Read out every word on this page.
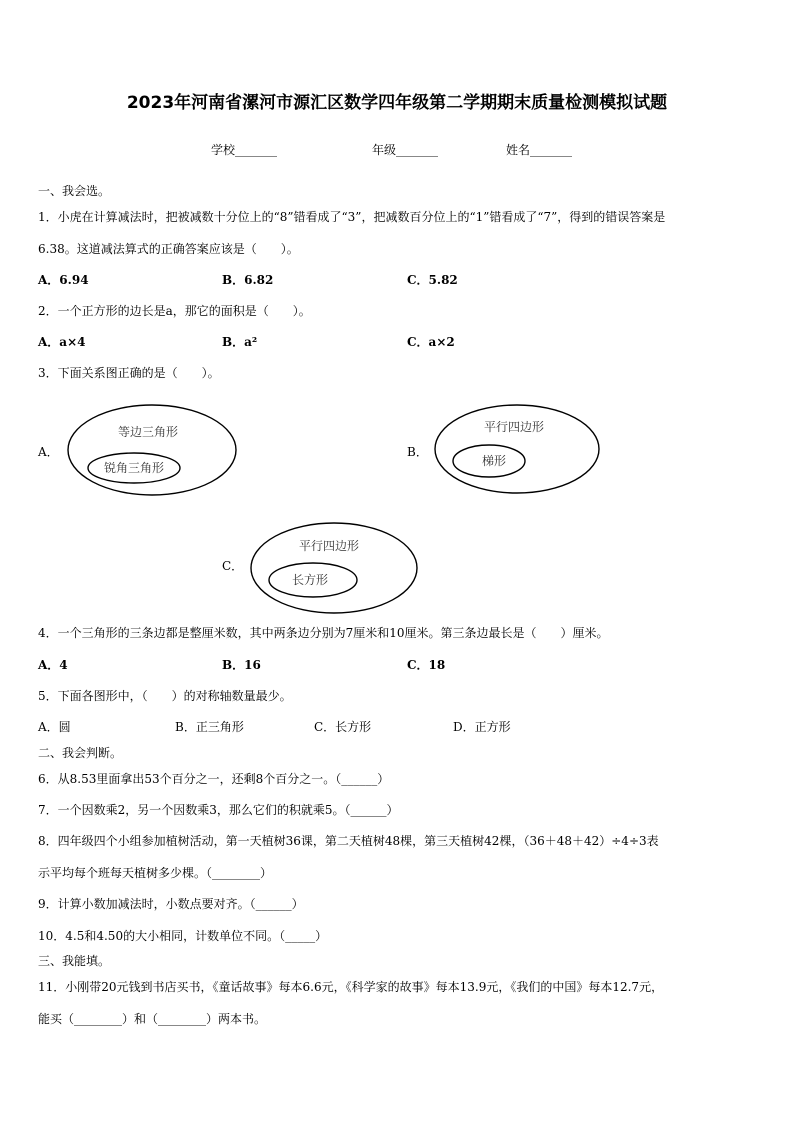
2023年河南省漯河市源汇区数学四年级第二学期期末质量检测模拟试题
学校_______	年级_______	姓名_______
一、我会选。
1．小虎在计算减法时，把被减数十分位上的“8”错看成了“3”，把减数百分位上的“1”错看成了“7”，得到的错误答案是
6.38。这道减法算式的正确答案应该是（　　）。
A．6.94	B．6.82	C．5.82
2．一个正方形的边长是a，那它的面积是（　　）。
A．a×4	B．a²	C．a×2
3．下面关系图正确的是（　　）。
A．
等边三角形
锐角三角形
B．
平行四边形
梯形
C．
平行四边形
长方形
4．一个三角形的三条边都是整厘米数，其中两条边分别为7厘米和10厘米。第三条边最长是（　　）厘米。
A．4	B．16	C．18
5．下面各图形中，（　　）的对称轴数量最少。
A．圆	B．正三角形	C．长方形	D．正方形
二、我会判断。
6．从8.53里面拿出53个百分之一，还剩8个百分之一。（______）
7．一个因数乘2，另一个因数乘3，那么它们的积就乘5。（______）
8．四年级四个小组参加植树活动，第一天植树36课，第二天植树48棵，第三天植树42棵，（36＋48＋42）÷4÷3表
示平均每个班每天植树多少棵。（________）
9．计算小数加减法时，小数点要对齐。（______）
10．4.5和4.50的大小相同，计数单位不同。（_____）
三、我能填。
11．小刚带20元钱到书店买书，《童话故事》每本6.6元，《科学家的故事》每本13.9元，《我们的中国》每本12.7元，
能买（________）和（________）两本书。
